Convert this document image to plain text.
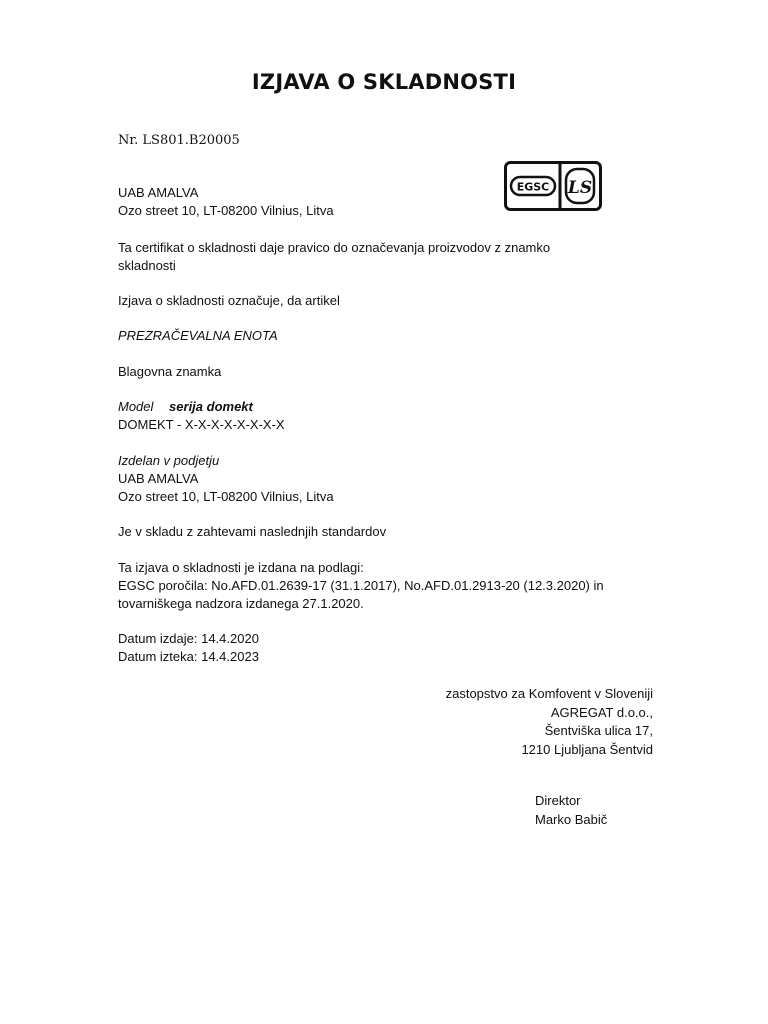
IZJAVA O SKLADNOSTI
Nr. LS801.B20005
UAB AMALVA
Ozo street 10, LT-08200 Vilnius, Litva
EGSC LS
Ta certifikat o skladnosti daje pravico do označevanja proizvodov z znamko
skladnosti
Izjava o skladnosti označuje, da artikel
PREZRAČEVALNA ENOTA
Blagovna znamka
Model serija domekt
DOMEKT - X-X-X-X-X-X-X-X
Izdelan v podjetju
UAB AMALVA
Ozo street 10, LT-08200 Vilnius, Litva
Je v skladu z zahtevami naslednjih standardov
Ta izjava o skladnosti je izdana na podlagi:
EGSC poročila: No.AFD.01.2639-17 (31.1.2017), No.AFD.01.2913-20 (12.3.2020) in
tovarniškega nadzora izdanega 27.1.2020.
Datum izdaje: 14.4.2020
Datum izteka: 14.4.2023
zastopstvo za Komfovent v Sloveniji
AGREGAT d.o.o.,
Šentviška ulica 17,
1210 Ljubljana Šentvid
Direktor
Marko Babič
